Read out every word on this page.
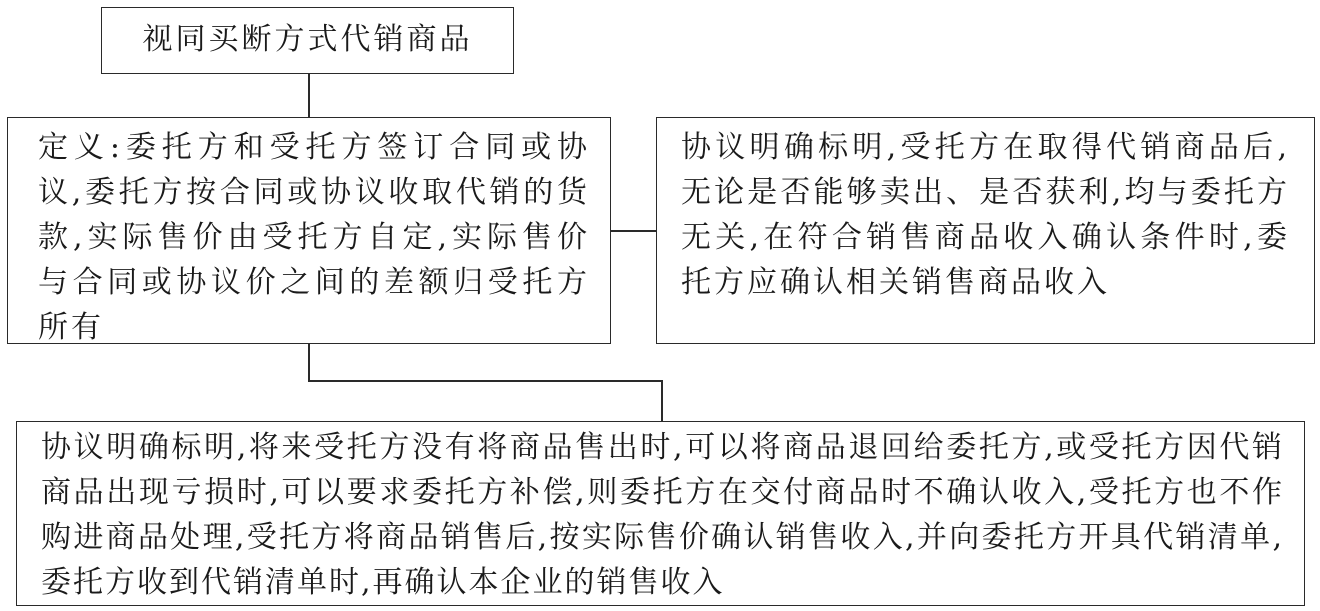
视同买断方式代销商品
定义:委托方和受托方签订合同或协议,委托方按合同或协议收取代销的货款,实际售价由受托方自定,实际售价与合同或协议价之间的差额归受托方所有
协议明确标明,受托方在取得代销商品后,无论是否能够卖出、是否获利,均与委托方无关,在符合销售商品收入确认条件时,委托方应确认相关销售商品收入
协议明确标明,将来受托方没有将商品售出时,可以将商品退回给委托方,或受托方因代销商品出现亏损时,可以要求委托方补偿,则委托方在交付商品时不确认收入,受托方也不作购进商品处理,受托方将商品销售后,按实际售价确认销售收入,并向委托方开具代销清单,委托方收到代销清单时,再确认本企业的销售收入
